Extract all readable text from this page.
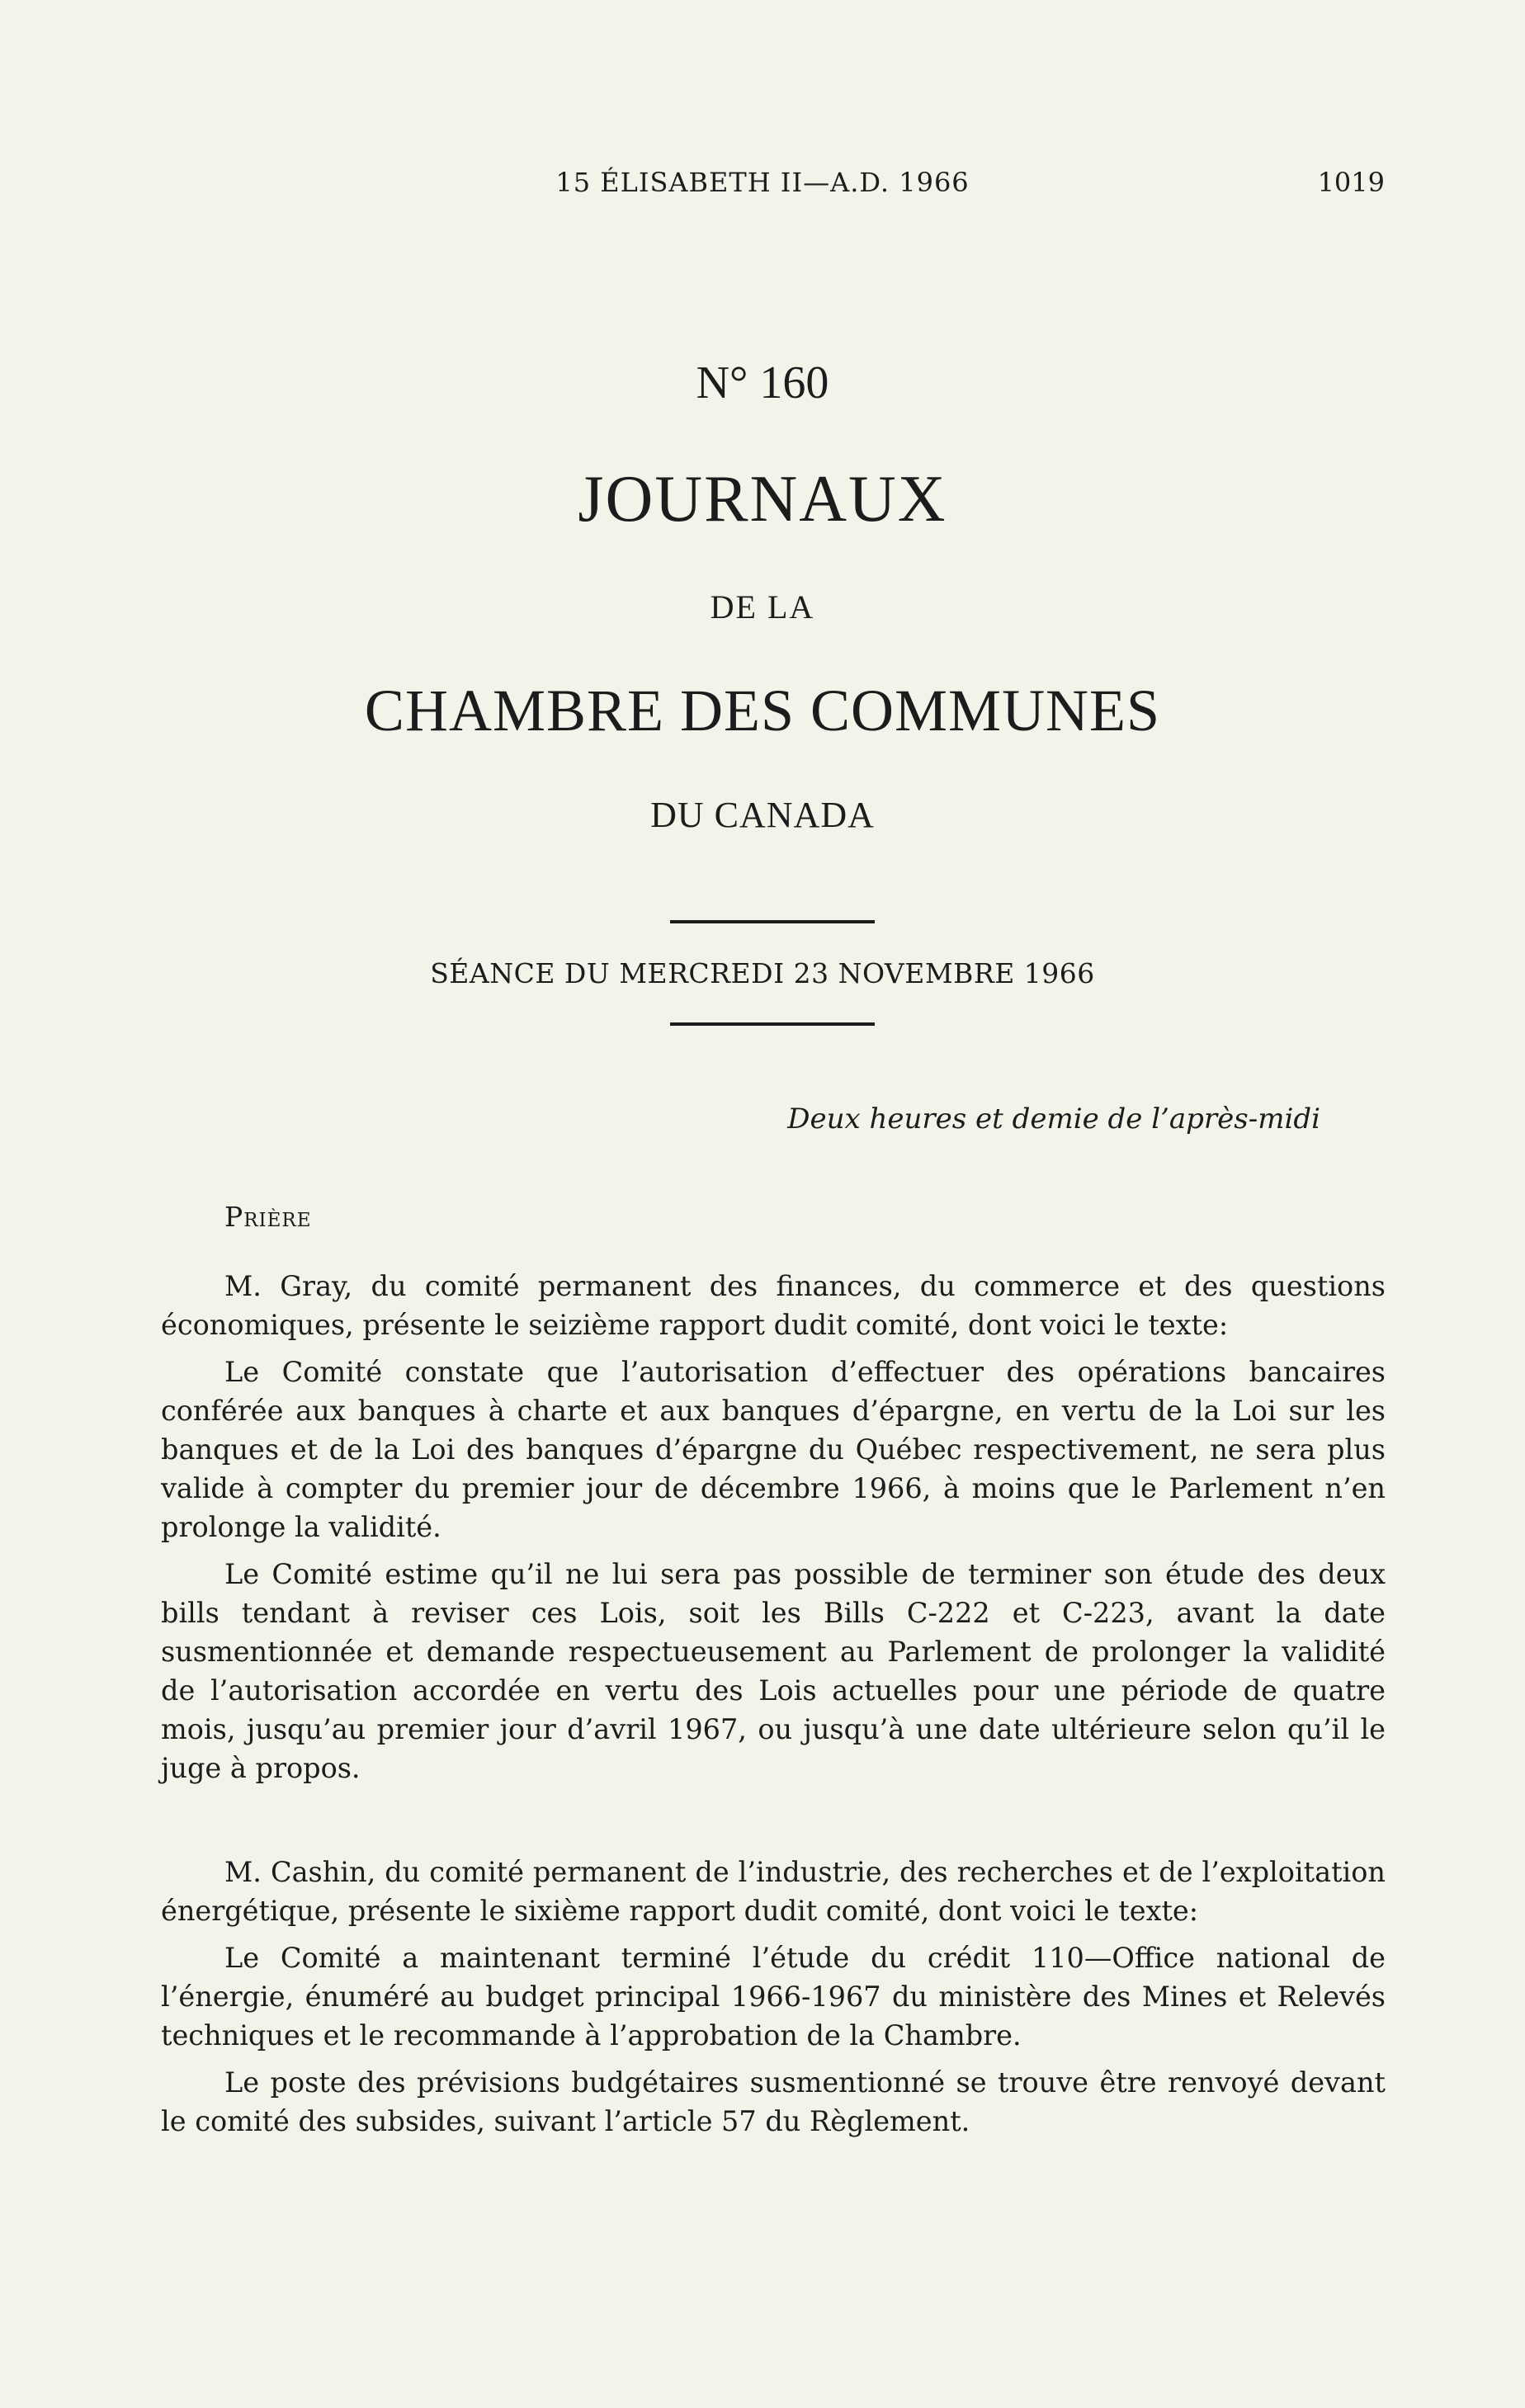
15 ÉLISABETH II—A.D. 1966	1019
N° 160
JOURNAUX
DE LA
CHAMBRE DES COMMUNES
DU CANADA
SÉANCE DU MERCREDI 23 NOVEMBRE 1966
Deux heures et demie de l’après-midi
Prière

M. Gray, du comité permanent des finances, du commerce et des questions économiques, présente le seizième rapport dudit comité, dont voici le texte:

Le Comité constate que l’autorisation d’effectuer des opérations bancaires conférée aux banques à charte et aux banques d’épargne, en vertu de la Loi sur les banques et de la Loi des banques d’épargne du Québec respectivement, ne sera plus valide à compter du premier jour de décembre 1966, à moins que le Parlement n’en prolonge la validité.

Le Comité estime qu’il ne lui sera pas possible de terminer son étude des deux bills tendant à reviser ces Lois, soit les Bills C-222 et C-223, avant la date susmentionnée et demande respectueusement au Parlement de prolonger la validité de l’autorisation accordée en vertu des Lois actuelles pour une période de quatre mois, jusqu’au premier jour d’avril 1967, ou jusqu’à une date ultérieure selon qu’il le juge à propos.

M. Cashin, du comité permanent de l’industrie, des recherches et de l’exploitation énergétique, présente le sixième rapport dudit comité, dont voici le texte:

Le Comité a maintenant terminé l’étude du crédit 110—Office national de l’énergie, énuméré au budget principal 1966-1967 du ministère des Mines et Relevés techniques et le recommande à l’approbation de la Chambre.

Le poste des prévisions budgétaires susmentionné se trouve être renvoyé devant le comité des subsides, suivant l’article 57 du Règlement.
